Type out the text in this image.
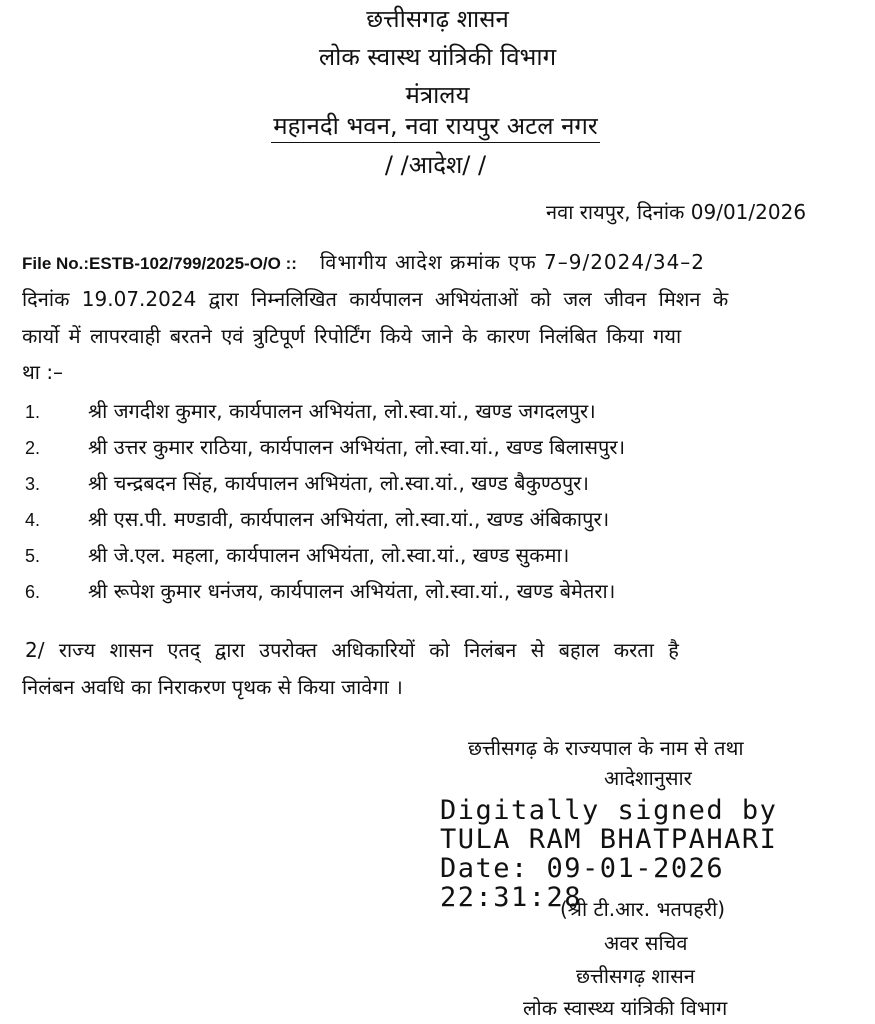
छत्तीसगढ़ शासन
लोक स्वास्थ यांत्रिकी विभाग
मंत्रालय
महानदी भवन, नवा रायपुर अटल नगर
/ /आदेश/ /
नवा रायपुर, दिनांक 09/01/2026
File No.:ESTB-102/799/2025-O/O :: विभागीय आदेश क्रमांक एफ 7–9/2024/34–2
दिनांक 19.07.2024 द्वारा निम्नलिखित कार्यपालन अभियंताओं को जल जीवन मिशन के
कार्यो में लापरवाही बरतने एवं त्रुटिपूर्ण रिपोर्टिंग किये जाने के कारण निलंबित किया गया
था :–
1. श्री जगदीश कुमार, कार्यपालन अभियंता, लो.स्वा.यां., खण्ड जगदलपुर।
2. श्री उत्तर कुमार राठिया, कार्यपालन अभियंता, लो.स्वा.यां., खण्ड बिलासपुर।
3. श्री चन्द्रबदन सिंह, कार्यपालन अभियंता, लो.स्वा.यां., खण्ड बैकुण्ठपुर।
4. श्री एस.पी. मण्डावी, कार्यपालन अभियंता, लो.स्वा.यां., खण्ड अंबिकापुर।
5. श्री जे.एल. महला, कार्यपालन अभियंता, लो.स्वा.यां., खण्ड सुकमा।
6. श्री रूपेश कुमार धनंजय, कार्यपालन अभियंता, लो.स्वा.यां., खण्ड बेमेतरा।
2/ राज्य शासन एतद् द्वारा उपरोक्त अधिकारियों को निलंबन से बहाल करता है
निलंबन अवधि का निराकरण पृथक से किया जावेगा ।
छत्तीसगढ़ के राज्यपाल के नाम से तथा
आदेशानुसार
Digitally signed by
TULA RAM BHATPAHARI
Date: 09-01-2026
22:31:28
(श्री टी.आर. भतपहरी)
अवर सचिव
छत्तीसगढ़ शासन
लोक स्वास्थ्य यांत्रिकी विभाग
